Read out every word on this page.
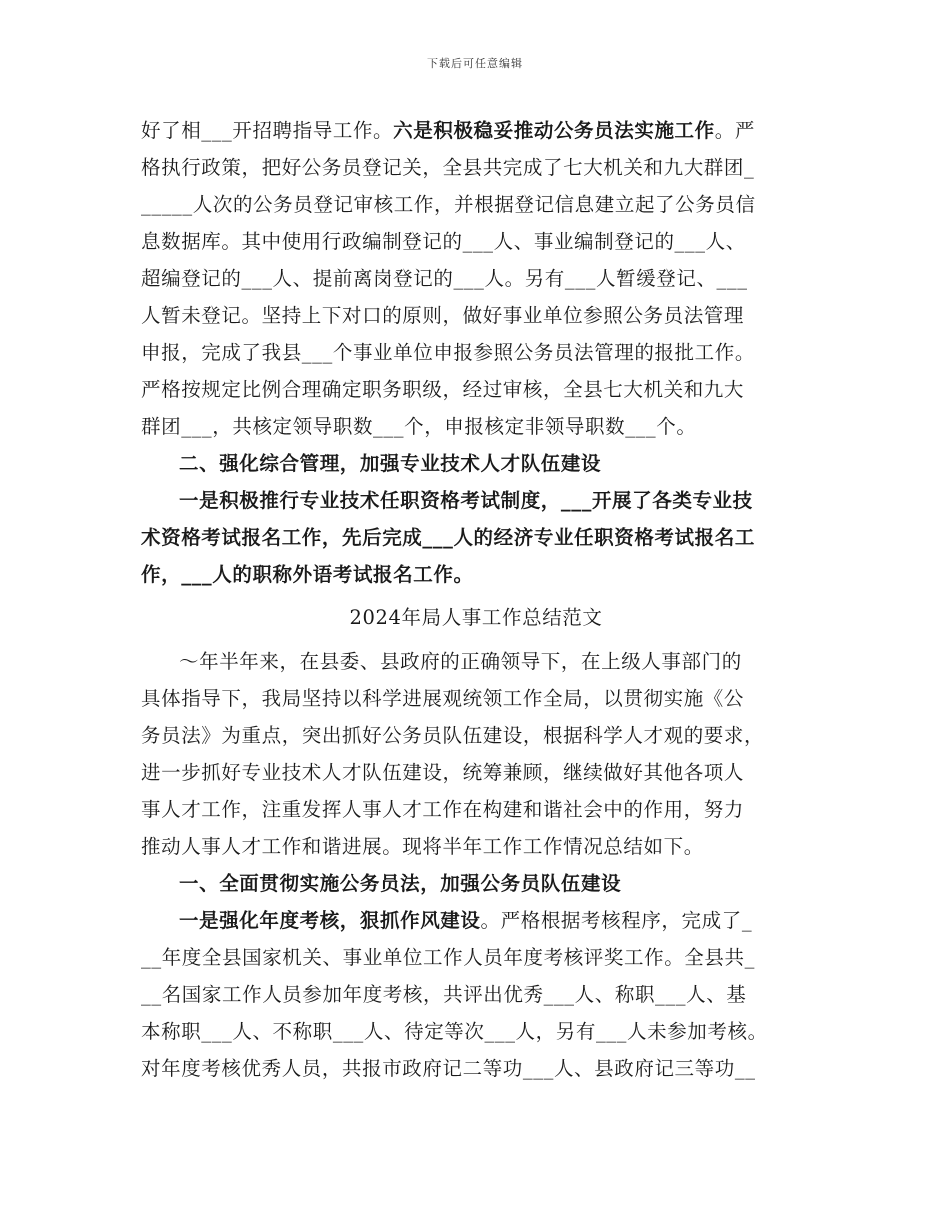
下载后可任意编辑
好了相___开招聘指导工作。六是积极稳妥推动公务员法实施工作。严
格执行政策，把好公务员登记关，全县共完成了七大机关和九大群团_
_____人次的公务员登记审核工作，并根据登记信息建立起了公务员信
息数据库。其中使用行政编制登记的___人、事业编制登记的___人、
超编登记的___人、提前离岗登记的___人。另有___人暂缓登记、___
人暂未登记。坚持上下对口的原则，做好事业单位参照公务员法管理
申报，完成了我县___个事业单位申报参照公务员法管理的报批工作。
严格按规定比例合理确定职务职级，经过审核，全县七大机关和九大
群团___，共核定领导职数___个，申报核定非领导职数___个。
二、强化综合管理，加强专业技术人才队伍建设
一是积极推行专业技术任职资格考试制度，___开展了各类专业技
术资格考试报名工作，先后完成___人的经济专业任职资格考试报名工
作，___人的职称外语考试报名工作。
2024年局人事工作总结范文
～年半年来，在县委、县政府的正确领导下，在上级人事部门的
具体指导下，我局坚持以科学进展观统领工作全局，以贯彻实施《公
务员法》为重点，突出抓好公务员队伍建设，根据科学人才观的要求，
进一步抓好专业技术人才队伍建设，统筹兼顾，继续做好其他各项人
事人才工作，注重发挥人事人才工作在构建和谐社会中的作用，努力
推动人事人才工作和谐进展。现将半年工作工作情况总结如下。
一、全面贯彻实施公务员法，加强公务员队伍建设
一是强化年度考核，狠抓作风建设。严格根据考核程序，完成了_
__年度全县国家机关、事业单位工作人员年度考核评奖工作。全县共_
__名国家工作人员参加年度考核，共评出优秀___人、称职___人、基
本称职___人、不称职___人、待定等次___人，另有___人未参加考核。
对年度考核优秀人员，共报市政府记二等功___人、县政府记三等功__
